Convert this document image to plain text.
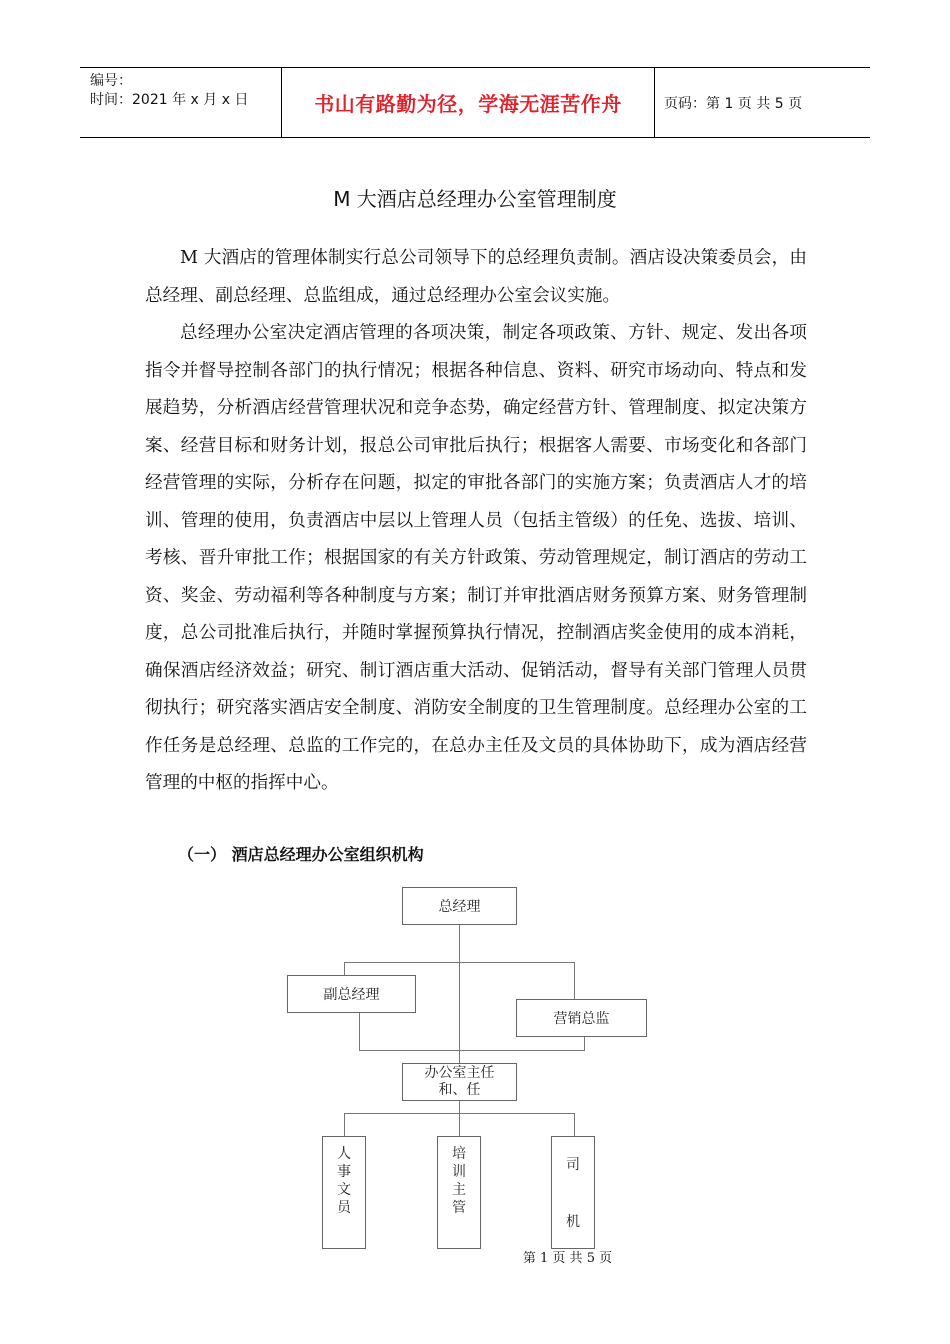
编号：
时间：2021 年 x 月 x 日	书山有路勤为径，学海无涯苦作舟	页码：第 1 页 共 5 页
M 大酒店总经理办公室管理制度

M 大酒店的管理体制实行总公司领导下的总经理负责制。酒店设决策委员会，由总经理、副总经理、总监组成，通过总经理办公室会议实施。

总经理办公室决定酒店管理的各项决策，制定各项政策、方针、规定、发出各项指令并督导控制各部门的执行情况；根据各种信息、资料、研究市场动向、特点和发展趋势，分析酒店经营管理状况和竞争态势，确定经营方针、管理制度、拟定决策方案、经营目标和财务计划，报总公司审批后执行；根据客人需要、市场变化和各部门经营管理的实际，分析存在问题，拟定的审批各部门的实施方案；负责酒店人才的培训、管理的使用，负责酒店中层以上管理人员（包括主管级）的任免、选拔、培训、考核、晋升审批工作；根据国家的有关方针政策、劳动管理规定，制订酒店的劳动工资、奖金、劳动福利等各种制度与方案；制订并审批酒店财务预算方案、财务管理制度，总公司批准后执行，并随时掌握预算执行情况，控制酒店奖金使用的成本消耗，确保酒店经济效益；研究、制订酒店重大活动、促销活动，督导有关部门管理人员贯彻执行；研究落实酒店安全制度、消防安全制度的卫生管理制度。总经理办公室的工作任务是总经理、总监的工作完的，在总办主任及文员的具体协助下，成为酒店经营管理的中枢的指挥中心。

（一） 酒店总经理办公室组织机构
总经理
副总经理
营销总监
办公室主任和、任
人事文员
培训主管
司机
第 1 页 共 5 页
